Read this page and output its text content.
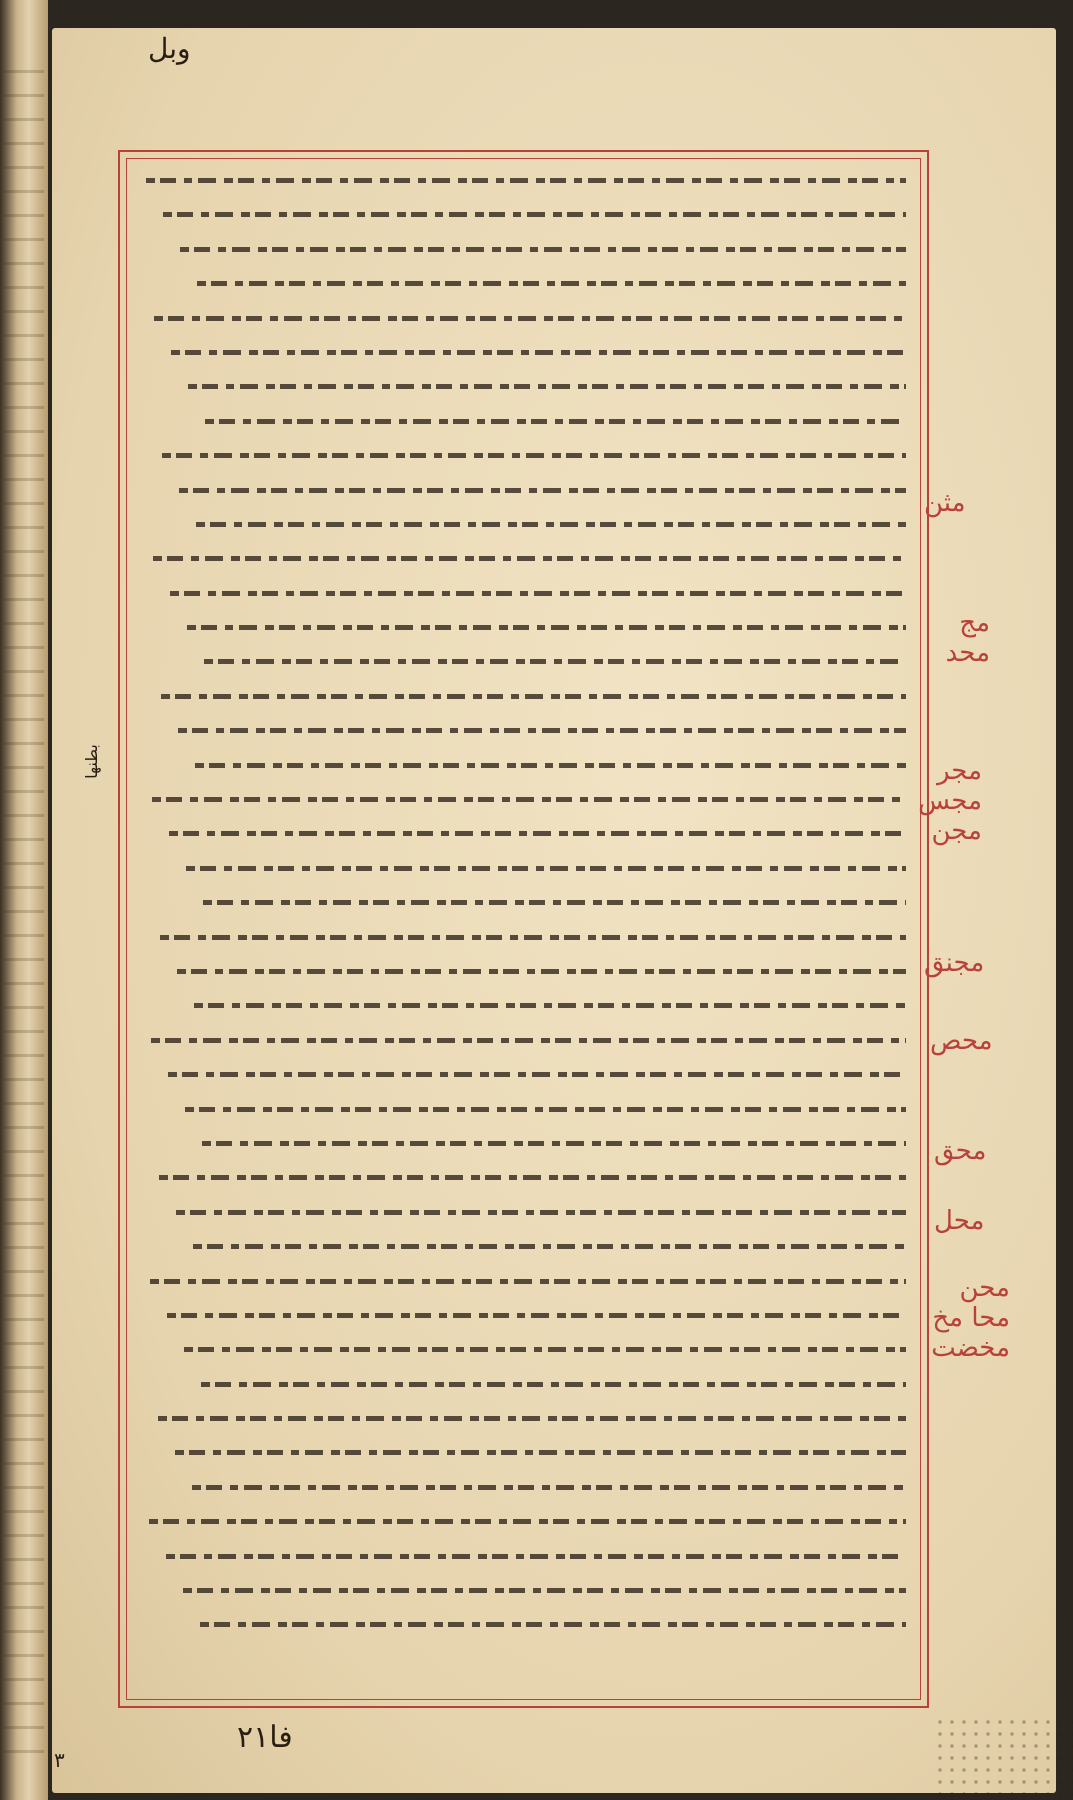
وبل
مثن
مج محد
مجر مجس مجن
مجنق
محص
محق
محل
محن محا مخ مخضت
بطنها
فا٢١
٣
